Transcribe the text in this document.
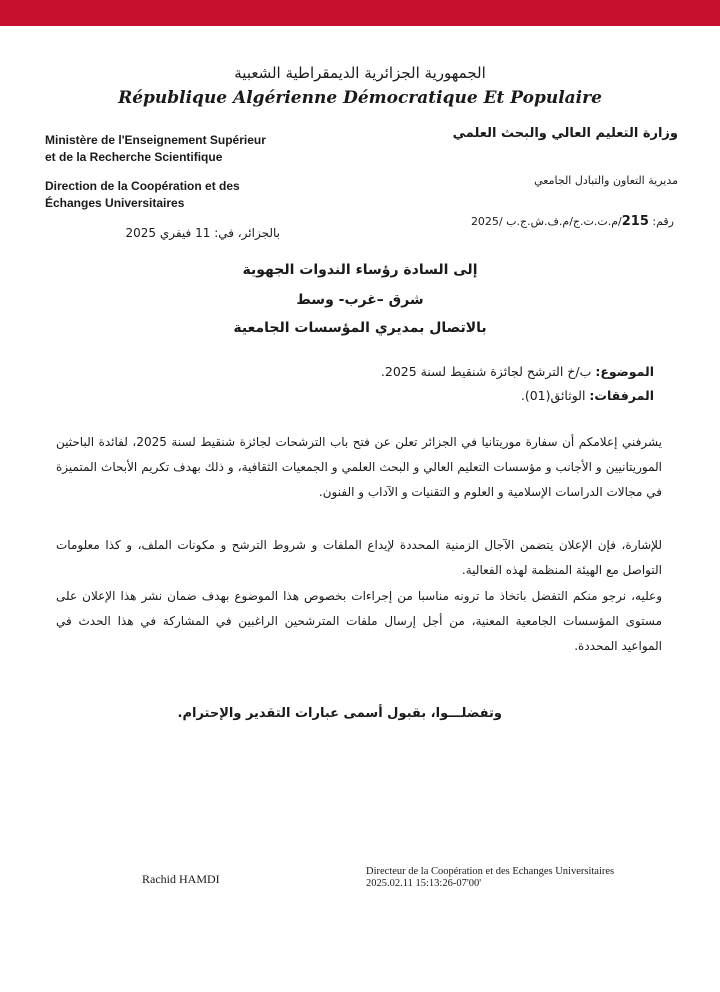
الجمهورية الجزائرية الديمقراطية الشعبية
République Algérienne Démocratique Et Populaire
Ministère de l'Enseignement Supérieur
et de la Recherche Scientifique
Direction de la Coopération et des
Échanges Universitaires
بالجزائر، في: 11 فيفري 2025
وزارة التعليم العالي والبحث العلمي
مديرية التعاون والتبادل الجامعي
رقم: 215/م.ت.ت.ج/م.ف.ش.ج.ب /2025
إلى السادة رؤساء الندوات الجهوية
شرق –غرب- وسط
بالاتصال بمديري المؤسسات الجامعية
الموضوع: ب/خ الترشح لجائزة شنقيط لسنة 2025.
المرفقات: الوثائق(01).
يشرفني إعلامكم أن سفارة موريتانيا في الجزائر تعلن عن فتح باب الترشحات لجائزة شنقيط لسنة 2025، لفائدة الباحثين الموريتانيين و الأجانب و مؤسسات التعليم العالي و البحث العلمي و الجمعيات الثقافية، و ذلك بهدف تكريم الأبحاث المتميزة في مجالات الدراسات الإسلامية و العلوم و التقنيات و الآداب و الفنون.
للإشارة، فإن الإعلان يتضمن الآجال الزمنية المحددة لإيداع الملفات و شروط الترشح و مكونات الملف، و كذا معلومات التواصل مع الهيئة المنظمة لهذه الفعالية.
وعليه، نرجو منكم التفضل باتخاذ ما ترونه مناسبا من إجراءات بخصوص هذا الموضوع بهدف ضمان نشر هذا الإعلان على مستوى المؤسسات الجامعية المعنية، من أجل إرسال ملفات المترشحين الراغبين في المشاركة في هذا الحدث في المواعيد المحددة.
وتفضلـــوا، بقبول أسمى عبارات التقدير والإحترام.
Rachid HAMDI
Directeur de la Coopération et des Echanges Universitaires
2025.02.11 15:13:26-07'00'
